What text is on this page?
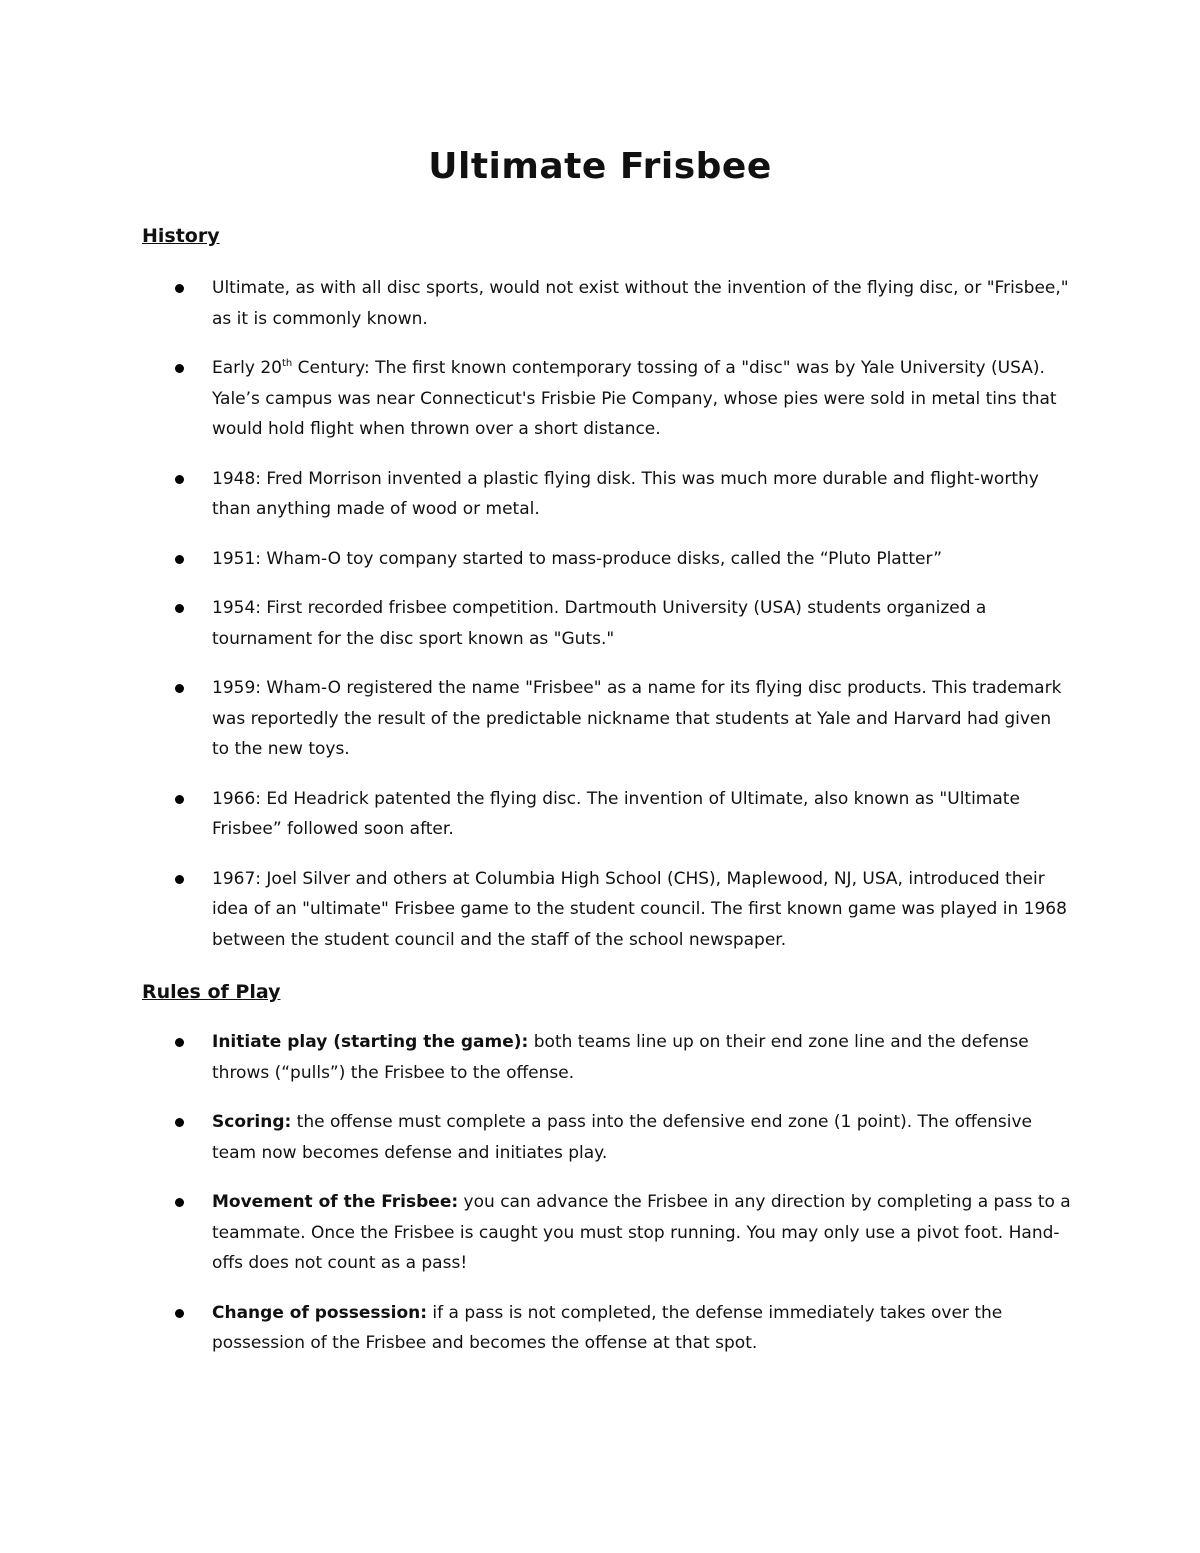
Ultimate Frisbee
History
Ultimate, as with all disc sports, would not exist without the invention of the flying disc, or "Frisbee," as it is commonly known.
Early 20th Century: The first known contemporary tossing of a "disc" was by Yale University (USA). Yale’s campus was near Connecticut's Frisbie Pie Company, whose pies were sold in metal tins that would hold flight when thrown over a short distance.
1948: Fred Morrison invented a plastic flying disk. This was much more durable and flight-worthy than anything made of wood or metal.
1951: Wham-O toy company started to mass-produce disks, called the “Pluto Platter”
1954: First recorded frisbee competition. Dartmouth University (USA) students organized a tournament for the disc sport known as "Guts."
1959: Wham-O registered the name "Frisbee" as a name for its flying disc products. This trademark was reportedly the result of the predictable nickname that students at Yale and Harvard had given to the new toys.
1966: Ed Headrick patented the flying disc. The invention of Ultimate, also known as "Ultimate Frisbee” followed soon after.
1967: Joel Silver and others at Columbia High School (CHS), Maplewood, NJ, USA, introduced their idea of an "ultimate" Frisbee game to the student council. The first known game was played in 1968 between the student council and the staff of the school newspaper.
Rules of Play
Initiate play (starting the game): both teams line up on their end zone line and the defense throws (“pulls”) the Frisbee to the offense.
Scoring: the offense must complete a pass into the defensive end zone (1 point). The offensive team now becomes defense and initiates play.
Movement of the Frisbee: you can advance the Frisbee in any direction by completing a pass to a teammate. Once the Frisbee is caught you must stop running. You may only use a pivot foot. Hand-offs does not count as a pass!
Change of possession: if a pass is not completed, the defense immediately takes over the possession of the Frisbee and becomes the offense at that spot.
